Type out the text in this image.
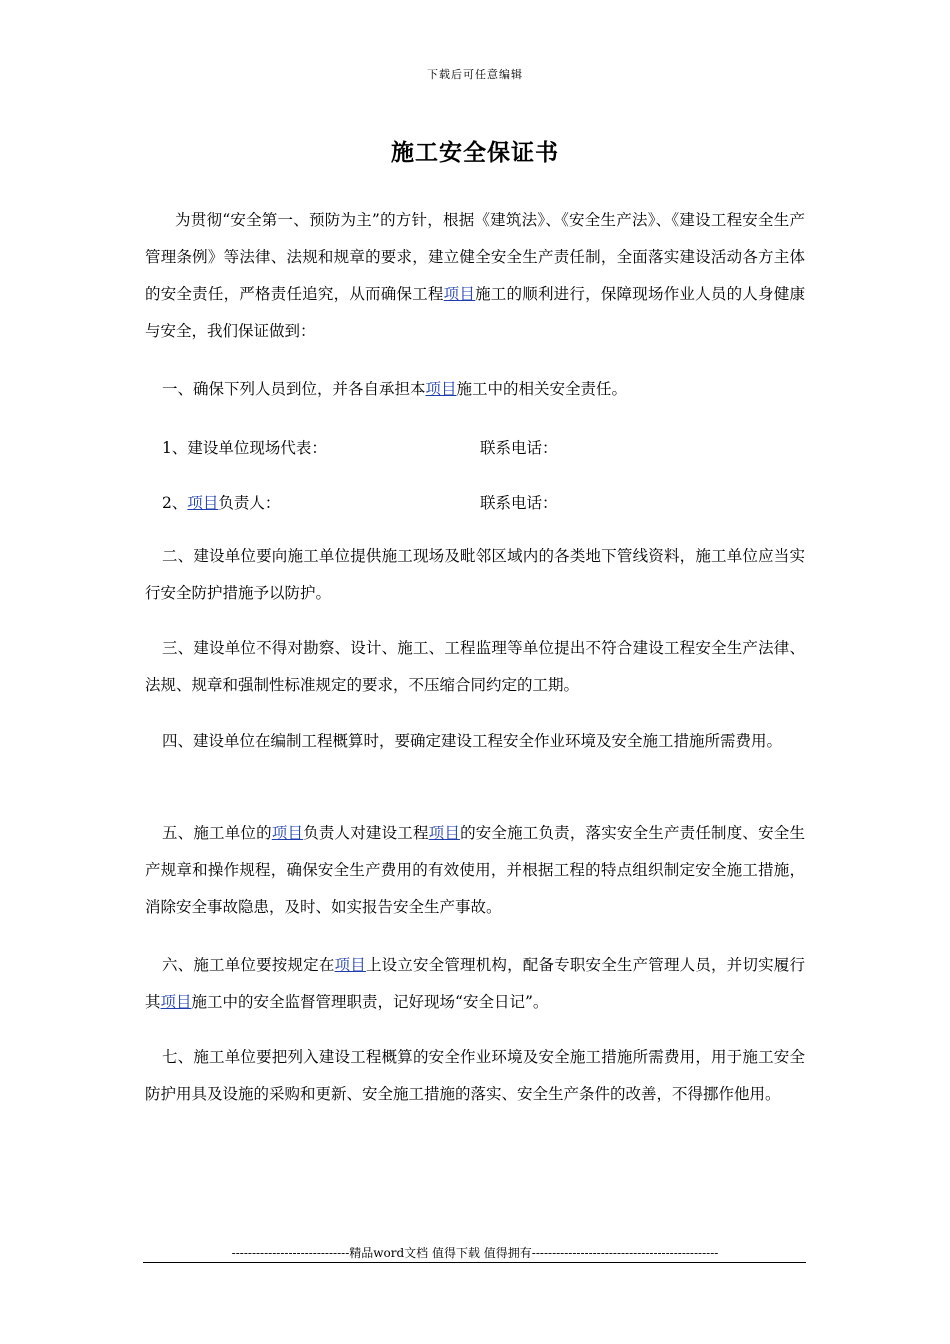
下载后可任意编辑
施工安全保证书
为贯彻“安全第一、预防为主”的方针，根据《建筑法》、《安全生产法》、《建设工程安全生产管理条例》等法律、法规和规章的要求，建立健全安全生产责任制，全面落实建设活动各方主体的安全责任，严格责任追究，从而确保工程项目施工的顺利进行，保障现场作业人员的人身健康与安全，我们保证做到：
一、确保下列人员到位，并各自承担本项目施工中的相关安全责任。
1、建设单位现场代表：	联系电话：
2、项目负责人：	联系电话：
二、建设单位要向施工单位提供施工现场及毗邻区域内的各类地下管线资料，施工单位应当实行安全防护措施予以防护。
三、建设单位不得对勘察、设计、施工、工程监理等单位提出不符合建设工程安全生产法律、法规、规章和强制性标准规定的要求，不压缩合同约定的工期。
四、建设单位在编制工程概算时，要确定建设工程安全作业环境及安全施工措施所需费用。
五、施工单位的项目负责人对建设工程项目的安全施工负责，落实安全生产责任制度、安全生产规章和操作规程，确保安全生产费用的有效使用，并根据工程的特点组织制定安全施工措施，消除安全事故隐患，及时、如实报告安全生产事故。
六、施工单位要按规定在项目上设立安全管理机构，配备专职安全生产管理人员，并切实履行其项目施工中的安全监督管理职责，记好现场“安全日记”。
七、施工单位要把列入建设工程概算的安全作业环境及安全施工措施所需费用，用于施工安全防护用具及设施的采购和更新、安全施工措施的落实、安全生产条件的改善，不得挪作他用。
-----------------------------精品word文档 值得下载 值得拥有----------------------------------------------
